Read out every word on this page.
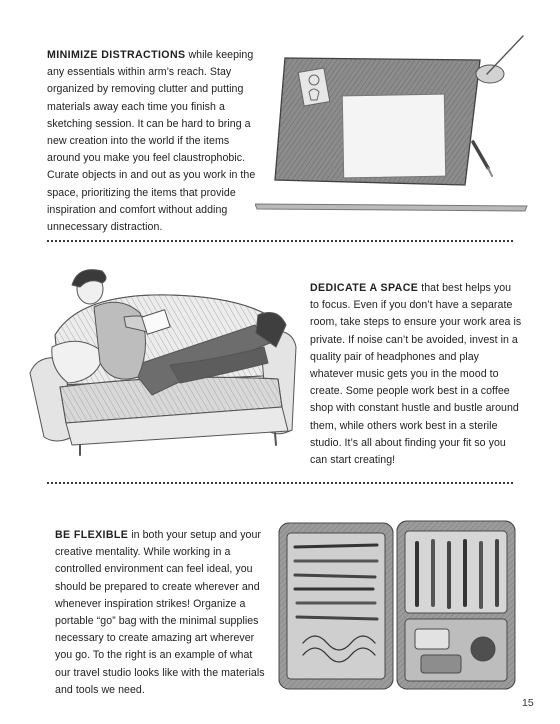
MINIMIZE DISTRACTIONS while keeping any essentials within arm’s reach. Stay organized by removing clutter and putting materials away each time you finish a sketching session. It can be hard to bring a new creation into the world if the items around you make you feel claustrophobic. Curate objects in and out as you work in the space, prioritizing the items that provide inspiration and comfort without adding unnecessary distraction.
DEDICATE A SPACE that best helps you to focus. Even if you don’t have a separate room, take steps to ensure your work area is private. If noise can’t be avoided, invest in a quality pair of headphones and play whatever music gets you in the mood to create. Some people work best in a coffee shop with constant hustle and bustle around them, while others work best in a sterile studio. It’s all about finding your fit so you can start creating!
BE FLEXIBLE in both your setup and your creative mentality. While working in a controlled environment can feel ideal, you should be prepared to create wherever and whenever inspiration strikes! Organize a portable “go” bag with the minimal supplies necessary to create amazing art wherever you go. To the right is an example of what our travel studio looks like with the materials and tools we need.
15
